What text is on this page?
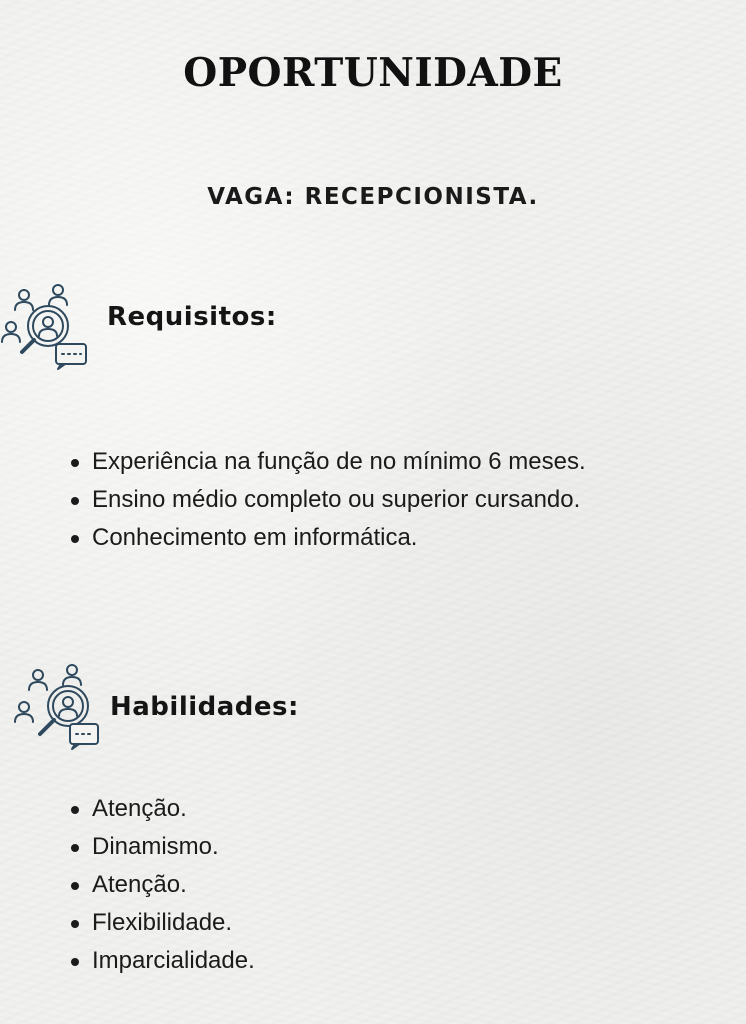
OPORTUNIDADE
VAGA: RECEPCIONISTA.
Requisitos:
Experiência na função de no mínimo 6 meses.
Ensino médio completo ou superior cursando.
Conhecimento em informática.
Habilidades:
Atenção.
Dinamismo.
Atenção.
Flexibilidade.
Imparcialidade.
